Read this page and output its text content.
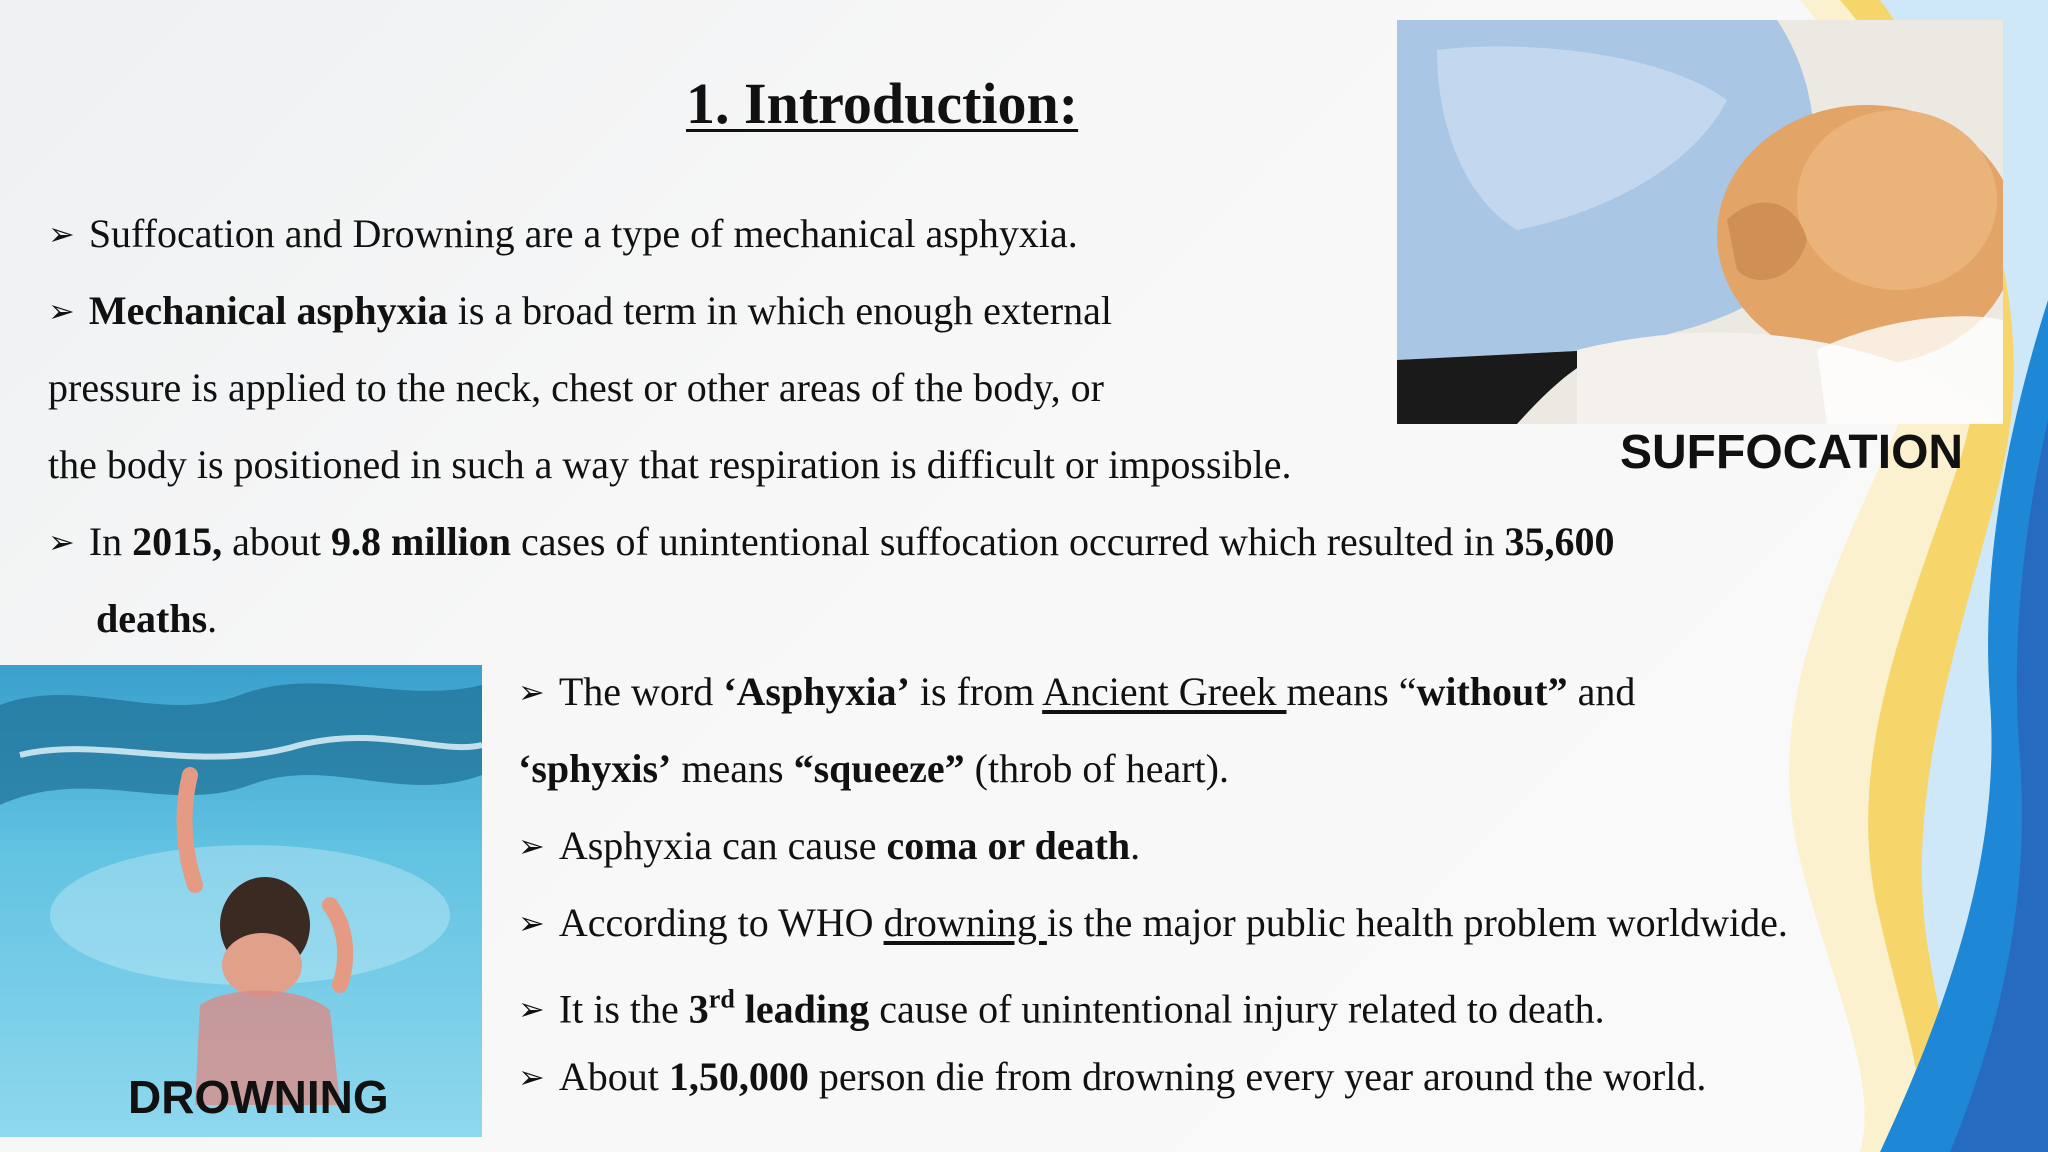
1. Introduction:
➢ Suffocation and Drowning are a type of mechanical asphyxia.
➢ Mechanical asphyxia is a broad term in which enough external
pressure is applied to the neck, chest or other areas of the body, or
the body is positioned in such a way that respiration is difficult or impossible.
➢ In 2015, about 9.8 million cases of unintentional suffocation occurred which resulted in 35,600
deaths.
➢ The word ‘Asphyxia’ is from Ancient Greek means “without” and
‘sphyxis’ means “squeeze” (throb of heart).
➢ Asphyxia can cause coma or death.
➢ According to WHO drowning is the major public health problem worldwide.
➢ It is the 3rd leading cause of unintentional injury related to death.
➢ About 1,50,000 person die from drowning every year around the world.
SUFFOCATION
DROWNING
